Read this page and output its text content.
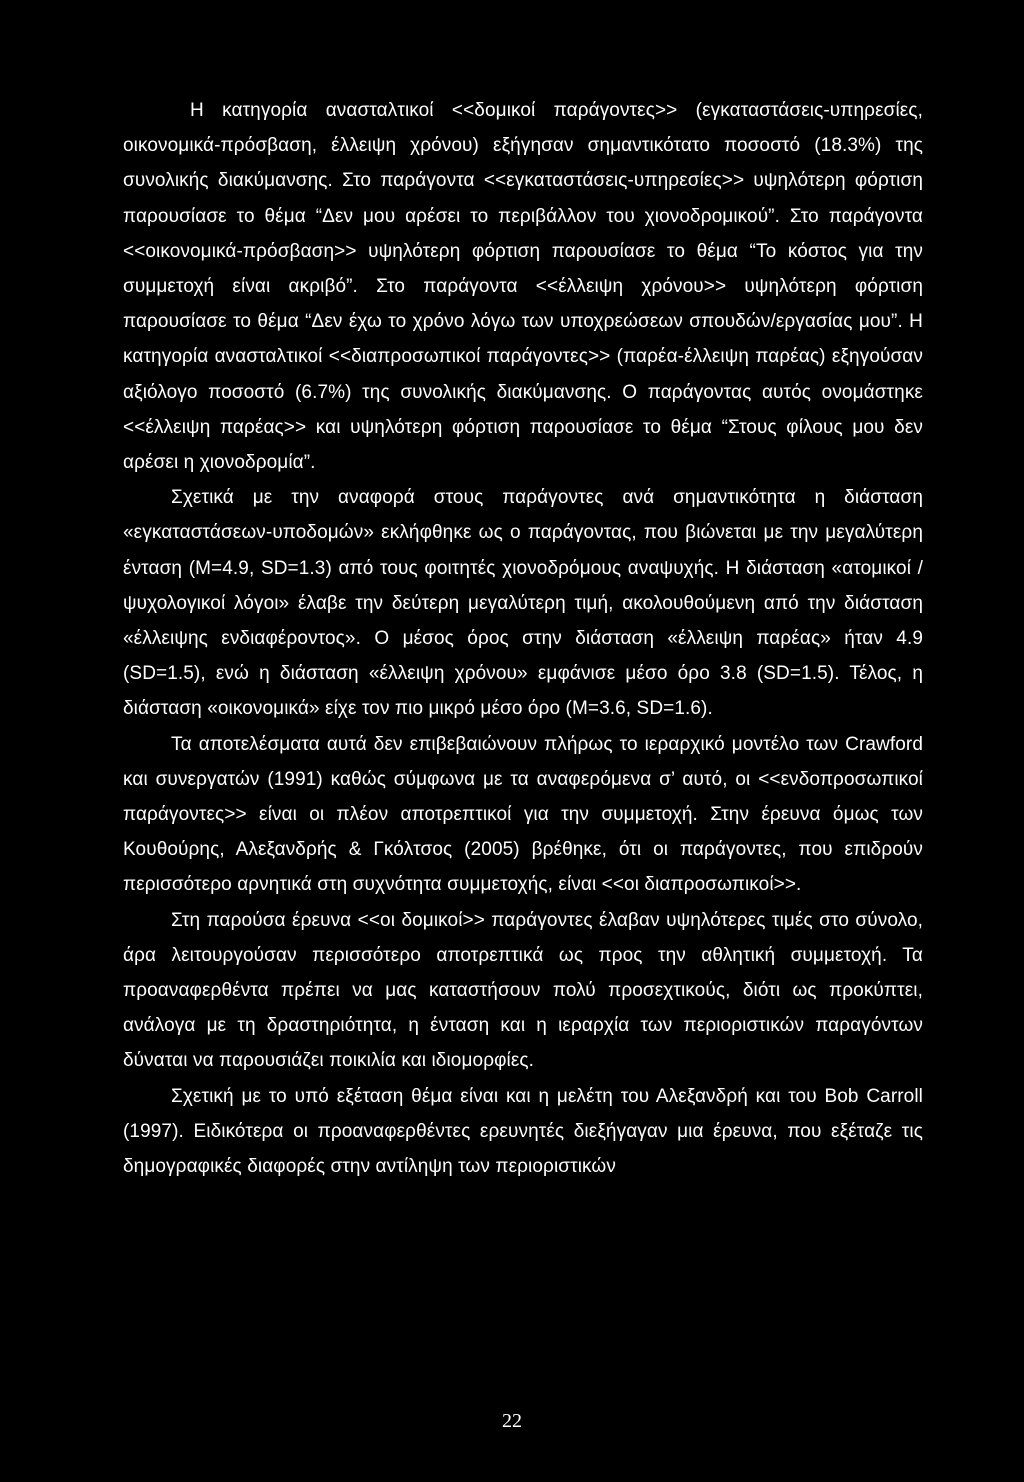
Η κατηγορία ανασταλτικοί <<δομικοί παράγοντες>> (εγκαταστάσεις-υπηρεσίες, οικονομικά-πρόσβαση, έλλειψη χρόνου) εξήγησαν σημαντικότατο ποσοστό (18.3%) της συνολικής διακύμανσης. Στο παράγοντα <<εγκαταστάσεις-υπηρεσίες>> υψηλότερη φόρτιση παρουσίασε το θέμα “Δεν μου αρέσει το περιβάλλον του χιονοδρομικού”. Στο παράγοντα <<οικονομικά-πρόσβαση>> υψηλότερη φόρτιση παρουσίασε το θέμα “Το κόστος για την συμμετοχή είναι ακριβό”. Στο παράγοντα <<έλλειψη χρόνου>> υψηλότερη φόρτιση παρουσίασε το θέμα “Δεν έχω το χρόνο λόγω των υποχρεώσεων σπουδών/εργασίας μου”. Η κατηγορία ανασταλτικοί <<διαπροσωπικοί παράγοντες>> (παρέα-έλλειψη παρέας) εξηγούσαν αξιόλογο ποσοστό (6.7%) της συνολικής διακύμανσης. Ο παράγοντας αυτός ονομάστηκε <<έλλειψη παρέας>> και υψηλότερη φόρτιση παρουσίασε το θέμα “Στους φίλους μου δεν αρέσει η χιονοδρομία”.

Σχετικά με την αναφορά στους παράγοντες ανά σημαντικότητα η διάσταση «εγκαταστάσεων-υποδομών» εκλήφθηκε ως ο παράγοντας, που βιώνεται με την μεγαλύτερη ένταση (M=4.9, SD=1.3) από τους φοιτητές χιονοδρόμους αναψυχής. Η διάσταση «ατομικοί / ψυχολογικοί λόγοι» έλαβε την δεύτερη μεγαλύτερη τιμή, ακολουθούμενη από την διάσταση «έλλειψης ενδιαφέροντος». Ο μέσος όρος στην διάσταση «έλλειψη παρέας» ήταν 4.9 (SD=1.5), ενώ η διάσταση «έλλειψη χρόνου» εμφάνισε μέσο όρο 3.8 (SD=1.5). Τέλος, η διάσταση «οικονομικά» είχε τον πιο μικρό μέσο όρο (M=3.6, SD=1.6).

Τα αποτελέσματα αυτά δεν επιβεβαιώνουν πλήρως το ιεραρχικό μοντέλο των Crawford και συνεργατών (1991) καθώς σύμφωνα με τα αναφερόμενα σ’ αυτό, οι <<ενδοπροσωπικοί παράγοντες>> είναι οι πλέον αποτρεπτικοί για την συμμετοχή. Στην έρευνα όμως των Κουθούρης, Αλεξανδρής & Γκόλτσος (2005) βρέθηκε, ότι οι παράγοντες, που επιδρούν περισσότερο αρνητικά στη συχνότητα συμμετοχής, είναι <<οι διαπροσωπικοί>>.

Στη παρούσα έρευνα <<οι δομικοί>> παράγοντες έλαβαν υψηλότερες τιμές στο σύνολο, άρα λειτουργούσαν περισσότερο αποτρεπτικά ως προς την αθλητική συμμετοχή. Τα προαναφερθέντα πρέπει να μας καταστήσουν πολύ προσεχτικούς, διότι ως προκύπτει, ανάλογα με τη δραστηριότητα, η ένταση και η ιεραρχία των περιοριστικών παραγόντων δύναται να παρουσιάζει ποικιλία και ιδιομορφίες.

Σχετική με το υπό εξέταση θέμα είναι και η μελέτη του Αλεξανδρή και του Bob Carroll (1997). Ειδικότερα οι προαναφερθέντες ερευνητές διεξήγαγαν μια έρευνα, που εξέταζε τις δημογραφικές διαφορές στην αντίληψη των περιοριστικών

22
